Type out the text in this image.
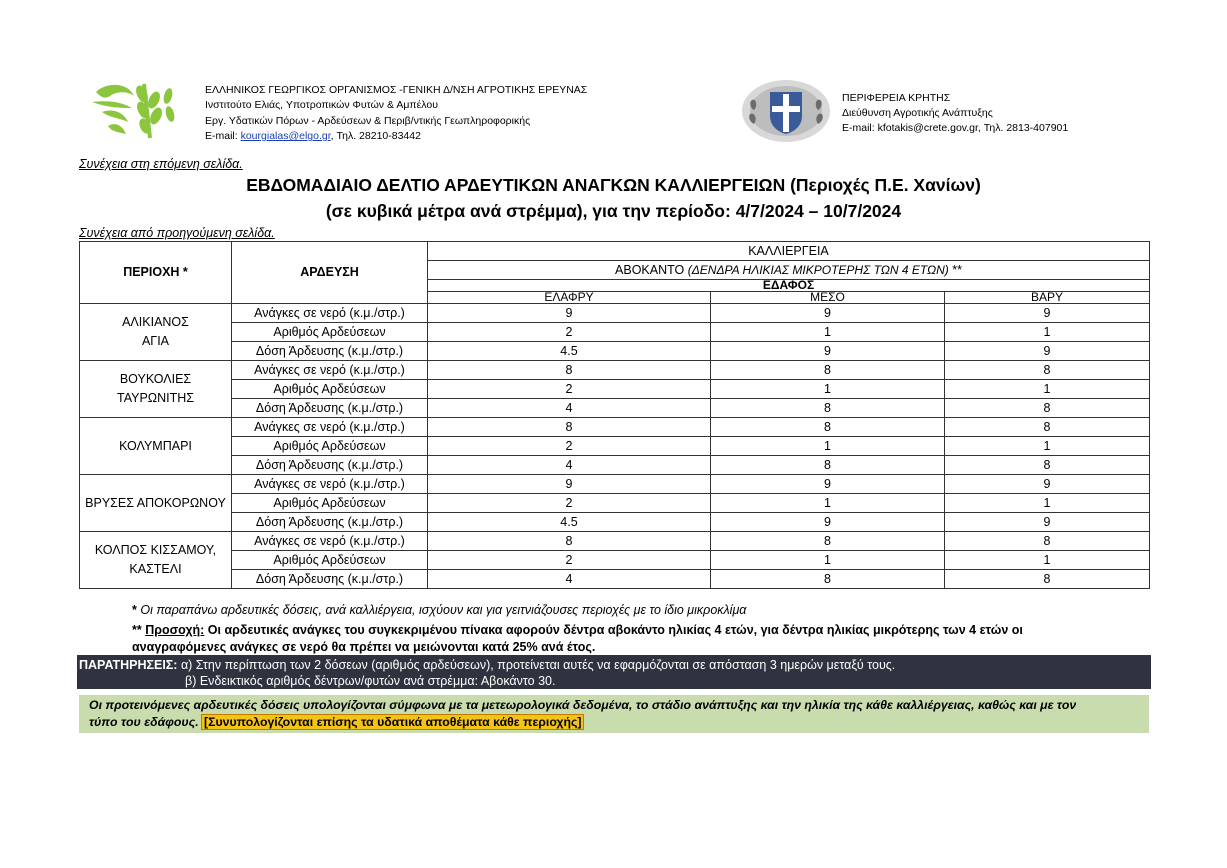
ΕΛΛΗΝΙΚΟΣ ΓΕΩΡΓΙΚΟΣ ΟΡΓΑΝΙΣΜΟΣ -ΓΕΝΙΚΗ Δ/ΝΣΗ ΑΓΡΟΤΙΚΗΣ ΕΡΕΥΝΑΣ
Ινστιτούτο Ελιάς, Υποτροπικών Φυτών & Αμπέλου
Εργ. Υδατικών Πόρων - Αρδεύσεων & Περιβ/ντικής Γεωπληροφορικής
E-mail: kourgialas@elgo.gr, Τηλ. 28210-83442
ΠΕΡΙΦΕΡΕΙΑ ΚΡΗΤΗΣ
Διεύθυνση Αγροτικής Ανάπτυξης
E-mail: kfotakis@crete.gov.gr, Τηλ. 2813-407901
Συνέχεια στη επόμενη σελίδα.
ΕΒΔΟΜΑΔΙΑΙΟ ΔΕΛΤΙΟ ΑΡΔΕΥΤΙΚΩΝ ΑΝΑΓΚΩΝ ΚΑΛΛΙΕΡΓΕΙΩΝ (Περιοχές Π.Ε. Χανίων)
(σε κυβικά μέτρα ανά στρέμμα), για την περίοδο: 4/7/2024 – 10/7/2024
Συνέχεια από προηγούμενη σελίδα.
ΠΕΡΙΟΧΗ *	ΑΡΔΕΥΣΗ	ΚΑΛΛΙΕΡΓΕΙΑ		
		ΑΒΟΚΑΝΤΟ (ΔΕΝΔΡΑ ΗΛΙΚΙΑΣ ΜΙΚΡΟΤΕΡΗΣ ΤΩΝ 4 ΕΤΩΝ) **		
		ΕΔΑΦΟΣ		
		ΕΛΑΦΡΥ	ΜΕΣΟ	ΒΑΡΥ

ΑΛΙΚΙΑΝΟΣ
ΑΓΙΑ	Ανάγκες σε νερό (κ.μ./στρ.)	9	9	9
	Αριθμός Αρδεύσεων	2	1	1
	Δόση Άρδευσης (κ.μ./στρ.)	4.5	9	9

ΒΟΥΚΟΛΙΕΣ
ΤΑΥΡΩΝΙΤΗΣ	Ανάγκες σε νερό (κ.μ./στρ.)	8	8	8
	Αριθμός Αρδεύσεων	2	1	1
	Δόση Άρδευσης (κ.μ./στρ.)	4	8	8

ΚΟΛΥΜΠΑΡΙ	Ανάγκες σε νερό (κ.μ./στρ.)	8	8	8
	Αριθμός Αρδεύσεων	2	1	1
	Δόση Άρδευσης (κ.μ./στρ.)	4	8	8

ΒΡΥΣΕΣ ΑΠΟΚΟΡΩΝΟΥ	Ανάγκες σε νερό (κ.μ./στρ.)	9	9	9
	Αριθμός Αρδεύσεων	2	1	1
	Δόση Άρδευσης (κ.μ./στρ.)	4.5	9	9

ΚΟΛΠΟΣ ΚΙΣΣΑΜΟΥ,
ΚΑΣΤΕΛΙ	Ανάγκες σε νερό (κ.μ./στρ.)	8	8	8
	Αριθμός Αρδεύσεων	2	1	1
	Δόση Άρδευσης (κ.μ./στρ.)	4	8	8
* Οι παραπάνω αρδευτικές δόσεις, ανά καλλιέργεια, ισχύουν και για γειτνιάζουσες περιοχές με το ίδιο μικροκλίμα
** Προσοχή: Οι αρδευτικές ανάγκες του συγκεκριμένου πίνακα αφορούν δέντρα αβοκάντο ηλικίας 4 ετών, για δέντρα ηλικίας μικρότερης των 4 ετών οι αναγραφόμενες ανάγκες σε νερό θα πρέπει να μειώνονται κατά 25% ανά έτος.
ΠΑΡΑΤΗΡΗΣΕΙΣ: α) Στην περίπτωση των 2 δόσεων (αριθμός αρδεύσεων), προτείνεται αυτές να εφαρμόζονται σε απόσταση 3 ημερών μεταξύ τους.
β) Ενδεικτικός αριθμός δέντρων/φυτών ανά στρέμμα: Αβοκάντο 30.
Οι προτεινόμενες αρδευτικές δόσεις υπολογίζονται σύμφωνα με τα μετεωρολογικά δεδομένα, το στάδιο ανάπτυξης και την ηλικία της κάθε καλλιέργειας, καθώς και με τον
τύπο του εδάφους. [Συνυπολογίζονται επίσης τα υδατικά αποθέματα κάθε περιοχής]
